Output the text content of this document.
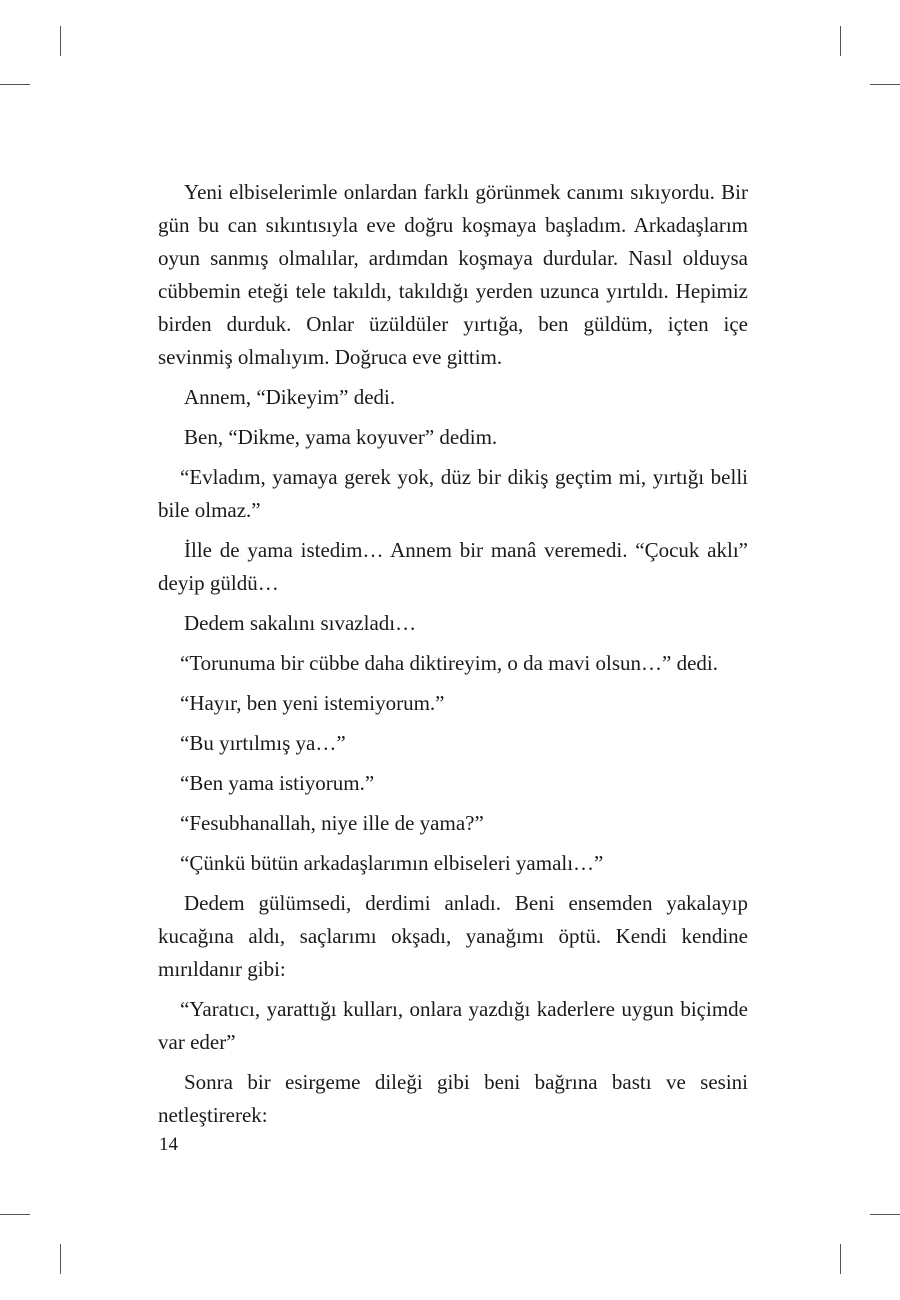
Yeni elbiselerimle onlardan farklı görünmek canımı sıkıyordu. Bir gün bu can sıkıntısıyla eve doğru koşmaya başladım. Arkadaşlarım oyun sanmış olmalılar, ardımdan koşmaya durdular. Nasıl olduysa cübbemin eteği tele takıldı, takıldığı yerden uzunca yırtıldı. Hepimiz birden durduk. Onlar üzüldüler yırtığa, ben güldüm, içten içe sevinmiş olmalıyım. Doğruca eve gittim.

Annem, “Dikeyim” dedi.

Ben, “Dikme, yama koyuver” dedim.

“Evladım, yamaya gerek yok, düz bir dikiş geçtim mi, yırtığı belli bile olmaz.”

İlle de yama istedim… Annem bir manâ veremedi. “Çocuk aklı” deyip güldü…

Dedem sakalını sıvazladı…

“Torunuma bir cübbe daha diktireyim, o da mavi olsun…” dedi.

“Hayır, ben yeni istemiyorum.”

“Bu yırtılmış ya…”

“Ben yama istiyorum.”

“Fesubhanallah, niye ille de yama?”

“Çünkü bütün arkadaşlarımın elbiseleri yamalı…”

Dedem gülümsedi, derdimi anladı. Beni ensemden yakalayıp kucağına aldı, saçlarımı okşadı, yanağımı öptü. Kendi kendine mırıldanır gibi:

“Yaratıcı, yarattığı kulları, onlara yazdığı kaderlere uygun biçimde var eder”

Sonra bir esirgeme dileği gibi beni bağrına bastı ve sesini netleştirerek:

14
